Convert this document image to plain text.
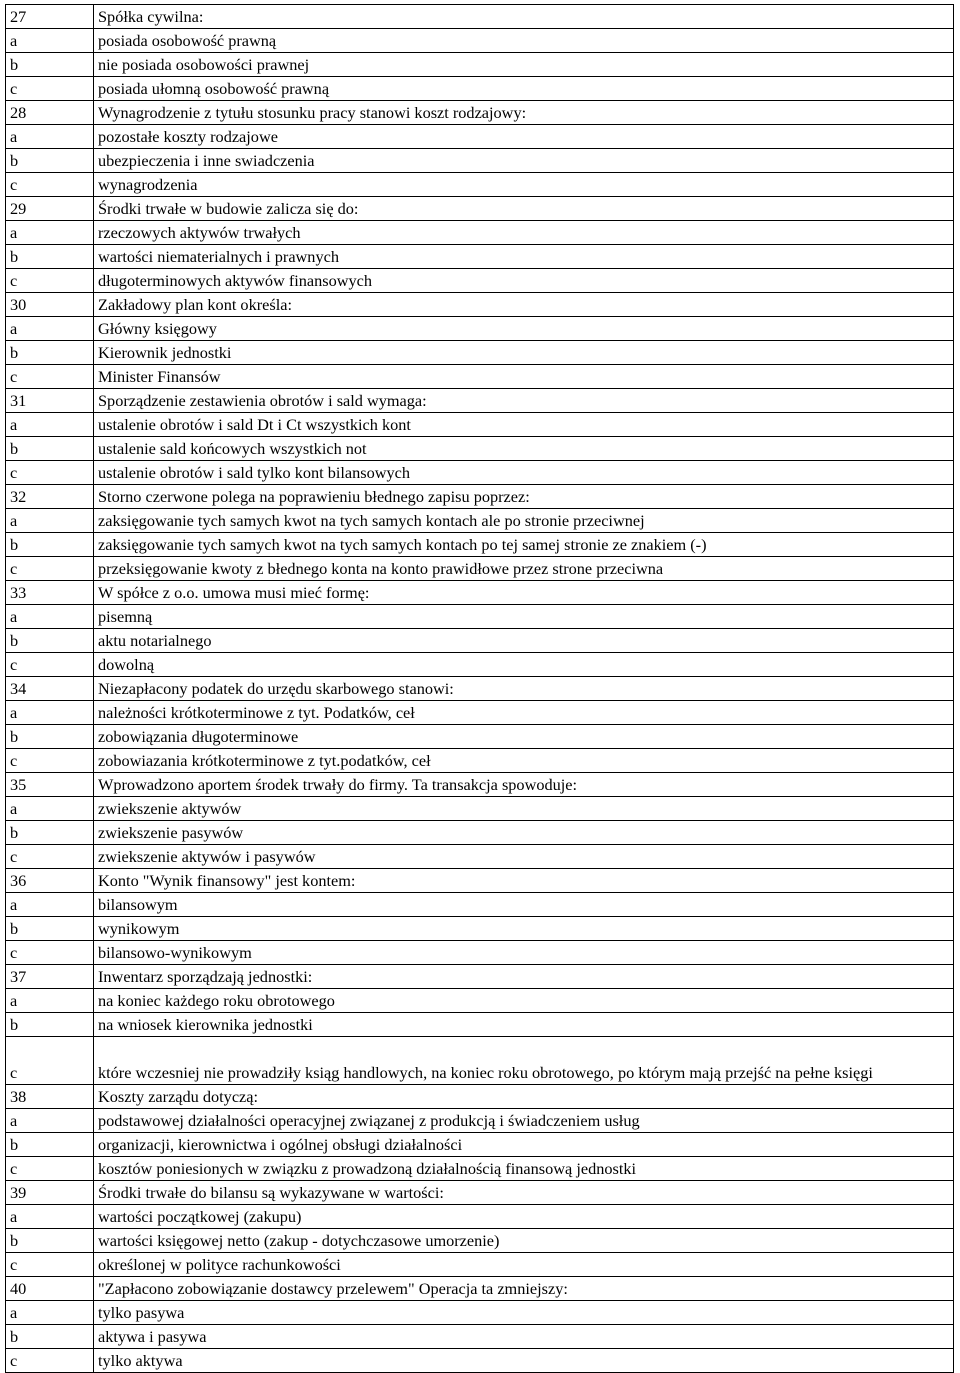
27	Spółka cywilna:
a	posiada osobowość prawną
b	nie posiada osobowości prawnej
c	posiada ułomną osobowość prawną
28	Wynagrodzenie z tytułu stosunku pracy stanowi koszt rodzajowy:
a	pozostałe koszty rodzajowe
b	ubezpieczenia i inne swiadczenia
c	wynagrodzenia
29	Środki trwałe w budowie zalicza się do:
a	rzeczowych aktywów trwałych
b	wartości niematerialnych i prawnych
c	długoterminowych aktywów finansowych
30	Zakładowy plan kont określa:
a	Główny księgowy
b	Kierownik jednostki
c	Minister Finansów
31	Sporządzenie zestawienia obrotów i sald wymaga:
a	ustalenie obrotów i sald Dt i Ct wszystkich kont
b	ustalenie sald końcowych wszystkich not
c	ustalenie obrotów i sald tylko kont bilansowych
32	Storno czerwone polega na poprawieniu błednego zapisu poprzez:
a	zaksięgowanie tych samych kwot na tych samych kontach ale po stronie przeciwnej
b	zaksięgowanie tych samych kwot na tych samych kontach po tej samej stronie ze znakiem (-)
c	przeksięgowanie kwoty z błednego konta na konto prawidłowe przez strone przeciwna
33	W spółce z o.o. umowa musi mieć formę:
a	pisemną
b	aktu notarialnego
c	dowolną
34	Niezapłacony podatek do urzędu skarbowego stanowi:
a	należności krótkoterminowe z tyt. Podatków, ceł
b	zobowiązania długoterminowe
c	zobowiazania krótkoterminowe z tyt.podatków, ceł
35	Wprowadzono aportem środek trwały do firmy. Ta transakcja spowoduje:
a	zwiekszenie aktywów
b	zwiekszenie pasywów
c	zwiekszenie aktywów i pasywów
36	Konto "Wynik finansowy" jest kontem:
a	bilansowym
b	wynikowym
c	bilansowo-wynikowym
37	Inwentarz sporządzają jednostki:
a	na koniec każdego roku obrotowego
b	na wniosek kierownika jednostki
c	które wczesniej nie prowadziły ksiąg handlowych, na koniec roku obrotowego, po którym mają przejść na pełne księgi
38	Koszty zarządu dotyczą:
a	podstawowej działalności operacyjnej związanej z produkcją i świadczeniem usług
b	organizacji, kierownictwa i ogólnej obsługi działalności
c	kosztów poniesionych w związku z prowadzoną działalnością finansową jednostki
39	Środki trwałe do bilansu są wykazywane w wartości:
a	wartości początkowej (zakupu)
b	wartości księgowej netto (zakup - dotychczasowe umorzenie)
c	określonej w polityce rachunkowości
40	"Zapłacono zobowiązanie dostawcy przelewem" Operacja ta zmniejszy:
a	tylko pasywa
b	aktywa i pasywa
c	tylko aktywa
